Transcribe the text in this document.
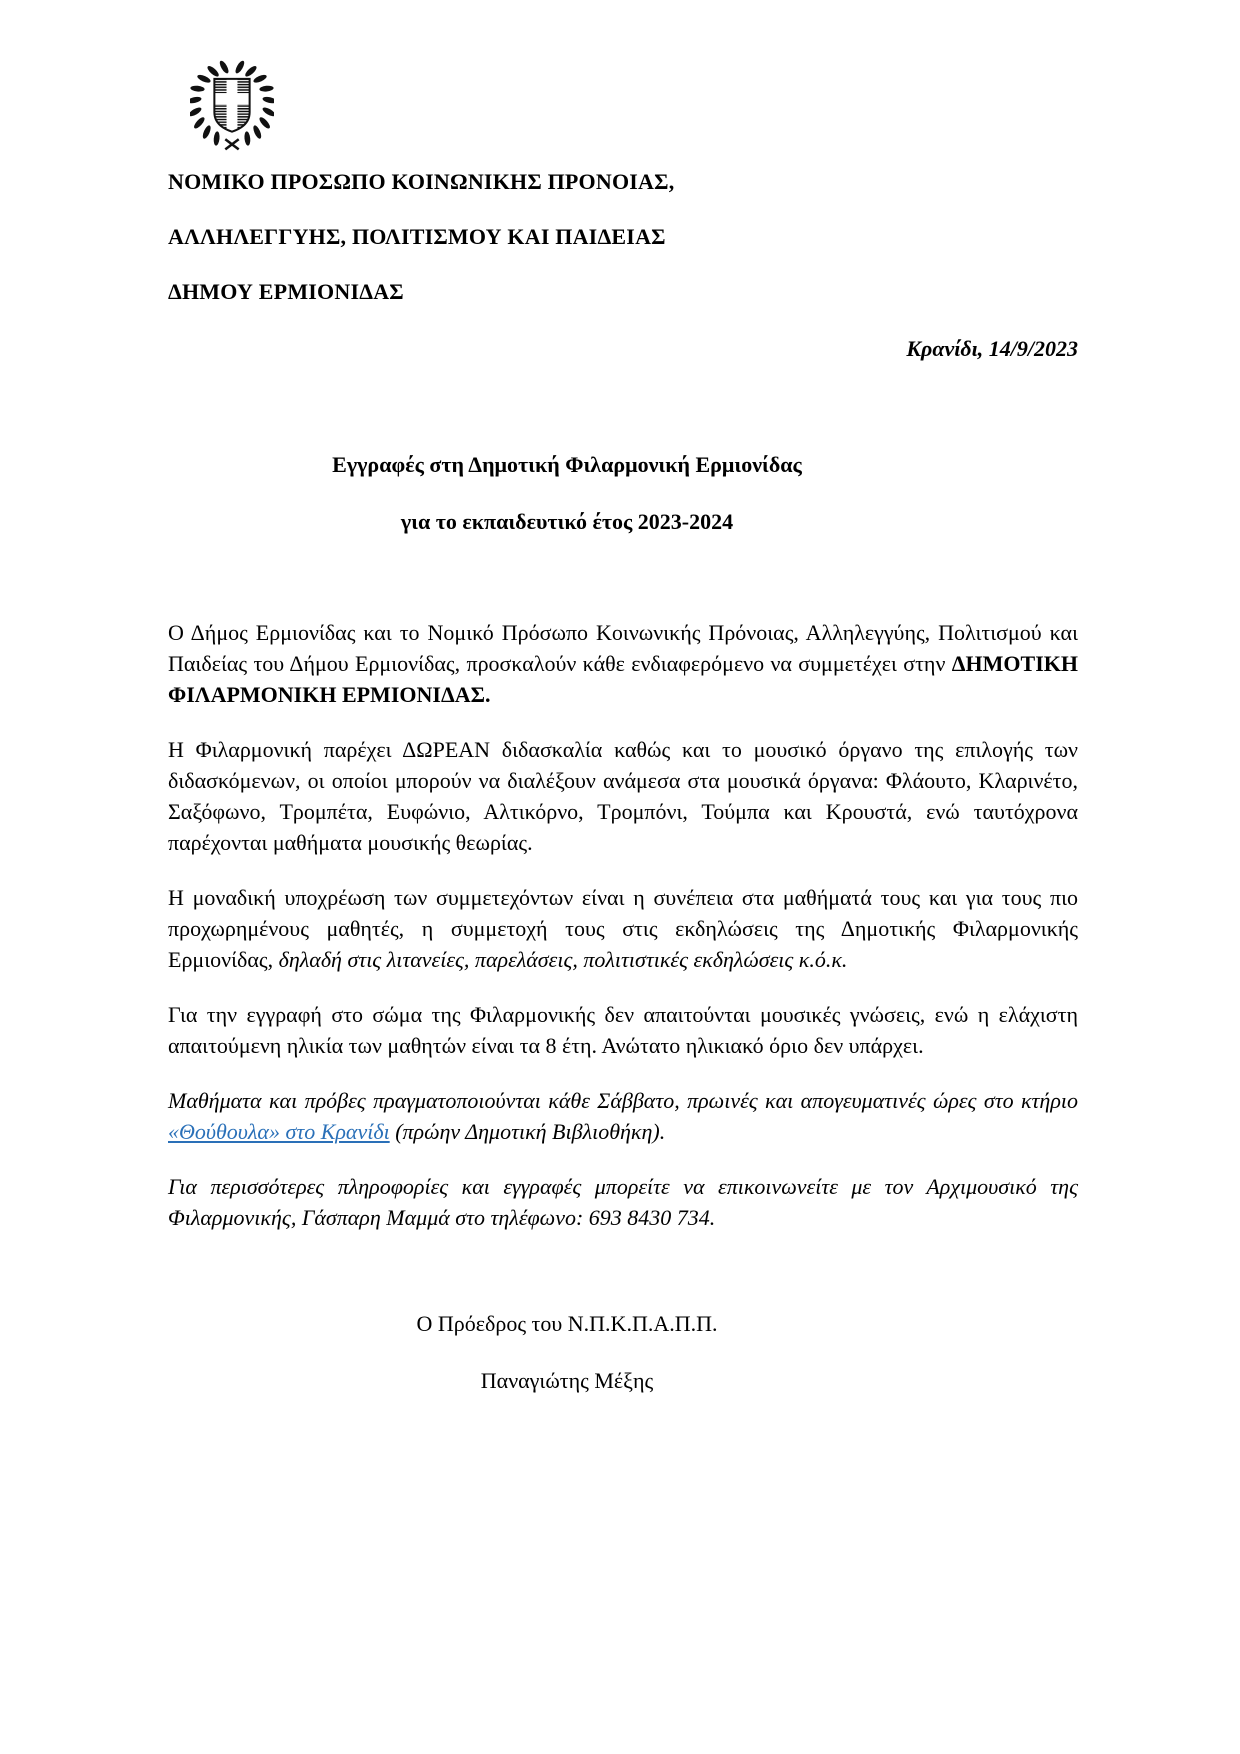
ΝΟΜΙΚΟ ΠΡΟΣΩΠΟ ΚΟΙΝΩΝΙΚΗΣ ΠΡΟΝΟΙΑΣ,
ΑΛΛΗΛΕΓΓΥΗΣ, ΠΟΛΙΤΙΣΜΟΥ ΚΑΙ ΠΑΙΔΕΙΑΣ
ΔΗΜΟΥ ΕΡΜΙΟΝΙΔΑΣ
Κρανίδι, 14/9/2023
Εγγραφές στη Δημοτική Φιλαρμονική Ερμιονίδας
για το εκπαιδευτικό έτος 2023-2024

Ο Δήμος Ερμιονίδας και το Νομικό Πρόσωπο Κοινωνικής Πρόνοιας, Αλληλεγγύης, Πολιτισμού και Παιδείας του Δήμου Ερμιονίδας, προσκαλούν κάθε ενδιαφερόμενο να συμμετέχει στην ΔΗΜΟΤΙΚΗ ΦΙΛΑΡΜΟΝΙΚΗ ΕΡΜΙΟΝΙΔΑΣ.

Η Φιλαρμονική παρέχει ΔΩΡΕΑΝ διδασκαλία καθώς και το μουσικό όργανο της επιλογής των διδασκόμενων, οι οποίοι μπορούν να διαλέξουν ανάμεσα στα μουσικά όργανα: Φλάουτο, Κλαρινέτο, Σαξόφωνο, Τρομπέτα, Ευφώνιο, Αλτικόρνο, Τρομπόνι, Τούμπα και Κρουστά, ενώ ταυτόχρονα παρέχονται μαθήματα μουσικής θεωρίας.

Η μοναδική υποχρέωση των συμμετεχόντων είναι η συνέπεια στα μαθήματά τους και για τους πιο προχωρημένους μαθητές, η συμμετοχή τους στις εκδηλώσεις της Δημοτικής Φιλαρμονικής Ερμιονίδας, δηλαδή στις λιτανείες, παρελάσεις, πολιτιστικές εκδηλώσεις κ.ό.κ.

Για την εγγραφή στο σώμα της Φιλαρμονικής δεν απαιτούνται μουσικές γνώσεις, ενώ η ελάχιστη απαιτούμενη ηλικία των μαθητών είναι τα 8 έτη. Ανώτατο ηλικιακό όριο δεν υπάρχει.

Μαθήματα και πρόβες πραγματοποιούνται κάθε Σάββατο, πρωινές και απογευματινές ώρες στο κτήριο «Θούθουλα» στο Κρανίδι (πρώην Δημοτική Βιβλιοθήκη).

Για περισσότερες πληροφορίες και εγγραφές μπορείτε να επικοινωνείτε με τον Αρχιμουσικό της Φιλαρμονικής, Γάσπαρη Μαμμά στο τηλέφωνο: 693 8430 734.

Ο Πρόεδρος του Ν.Π.Κ.Π.Α.Π.Π.
Παναγιώτης Μέξης
